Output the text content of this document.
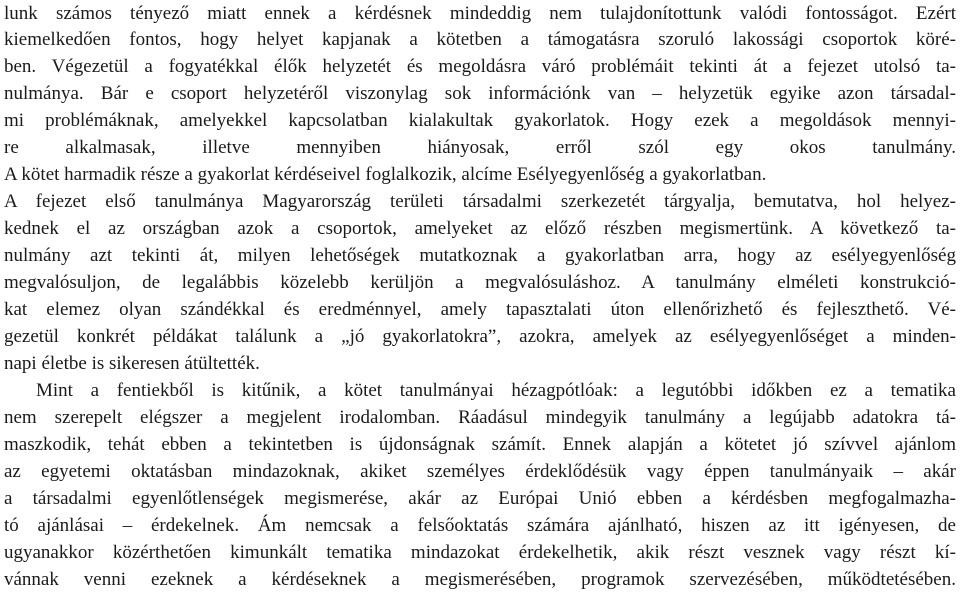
lunk számos tényező miatt ennek a kérdésnek mindeddig nem tulajdonítottunk valódi fontosságot. Ezért
kiemelkedően fontos, hogy helyet kapjanak a kötetben a támogatásra szoruló lakossági csoportok köré-
ben. Végezetül a fogyatékkal élők helyzetét és megoldásra váró problémáit tekinti át a fejezet utolsó ta-
nulmánya. Bár e csoport helyzetéről viszonylag sok információnk van – helyzetük egyike azon társadal-
mi problémáknak, amelyekkel kapcsolatban kialakultak gyakorlatok. Hogy ezek a megoldások mennyi-
re alkalmasak, illetve mennyiben hiányosak, erről szól egy okos tanulmány.
A kötet harmadik része a gyakorlat kérdéseivel foglalkozik, alcíme Esélyegyenlőség a gyakorlatban.
A fejezet első tanulmánya Magyarország területi társadalmi szerkezetét tárgyalja, bemutatva, hol helyez-
kednek el az országban azok a csoportok, amelyeket az előző részben megismertünk. A következő ta-
nulmány azt tekinti át, milyen lehetőségek mutatkoznak a gyakorlatban arra, hogy az esélyegyenlőség
megvalósuljon, de legalábbis közelebb kerüljön a megvalósuláshoz. A tanulmány elméleti konstrukció-
kat elemez olyan szándékkal és eredménnyel, amely tapasztalati úton ellenőrizhető és fejleszthető. Vé-
gezetül konkrét példákat találunk a „jó gyakorlatokra”, azokra, amelyek az esélyegyenlőséget a minden-
napi életbe is sikeresen átültették.
Mint a fentiekből is kitűnik, a kötet tanulmányai hézagpótlóak: a legutóbbi időkben ez a tematika
nem szerepelt elégszer a megjelent irodalomban. Ráadásul mindegyik tanulmány a legújabb adatokra tá-
maszkodik, tehát ebben a tekintetben is újdonságnak számít. Ennek alapján a kötetet jó szívvel ajánlom
az egyetemi oktatásban mindazoknak, akiket személyes érdeklődésük vagy éppen tanulmányaik – akár
a társadalmi egyenlőtlenségek megismerése, akár az Európai Unió ebben a kérdésben megfogalmazha-
tó ajánlásai – érdekelnek. Ám nemcsak a felsőoktatás számára ajánlható, hiszen az itt igényesen, de
ugyanakkor közérthetően kimunkált tematika mindazokat érdekelhetik, akik részt vesznek vagy részt kí-
vánnak venni ezeknek a kérdéseknek a megismerésében, programok szervezésében, működtetésében.
